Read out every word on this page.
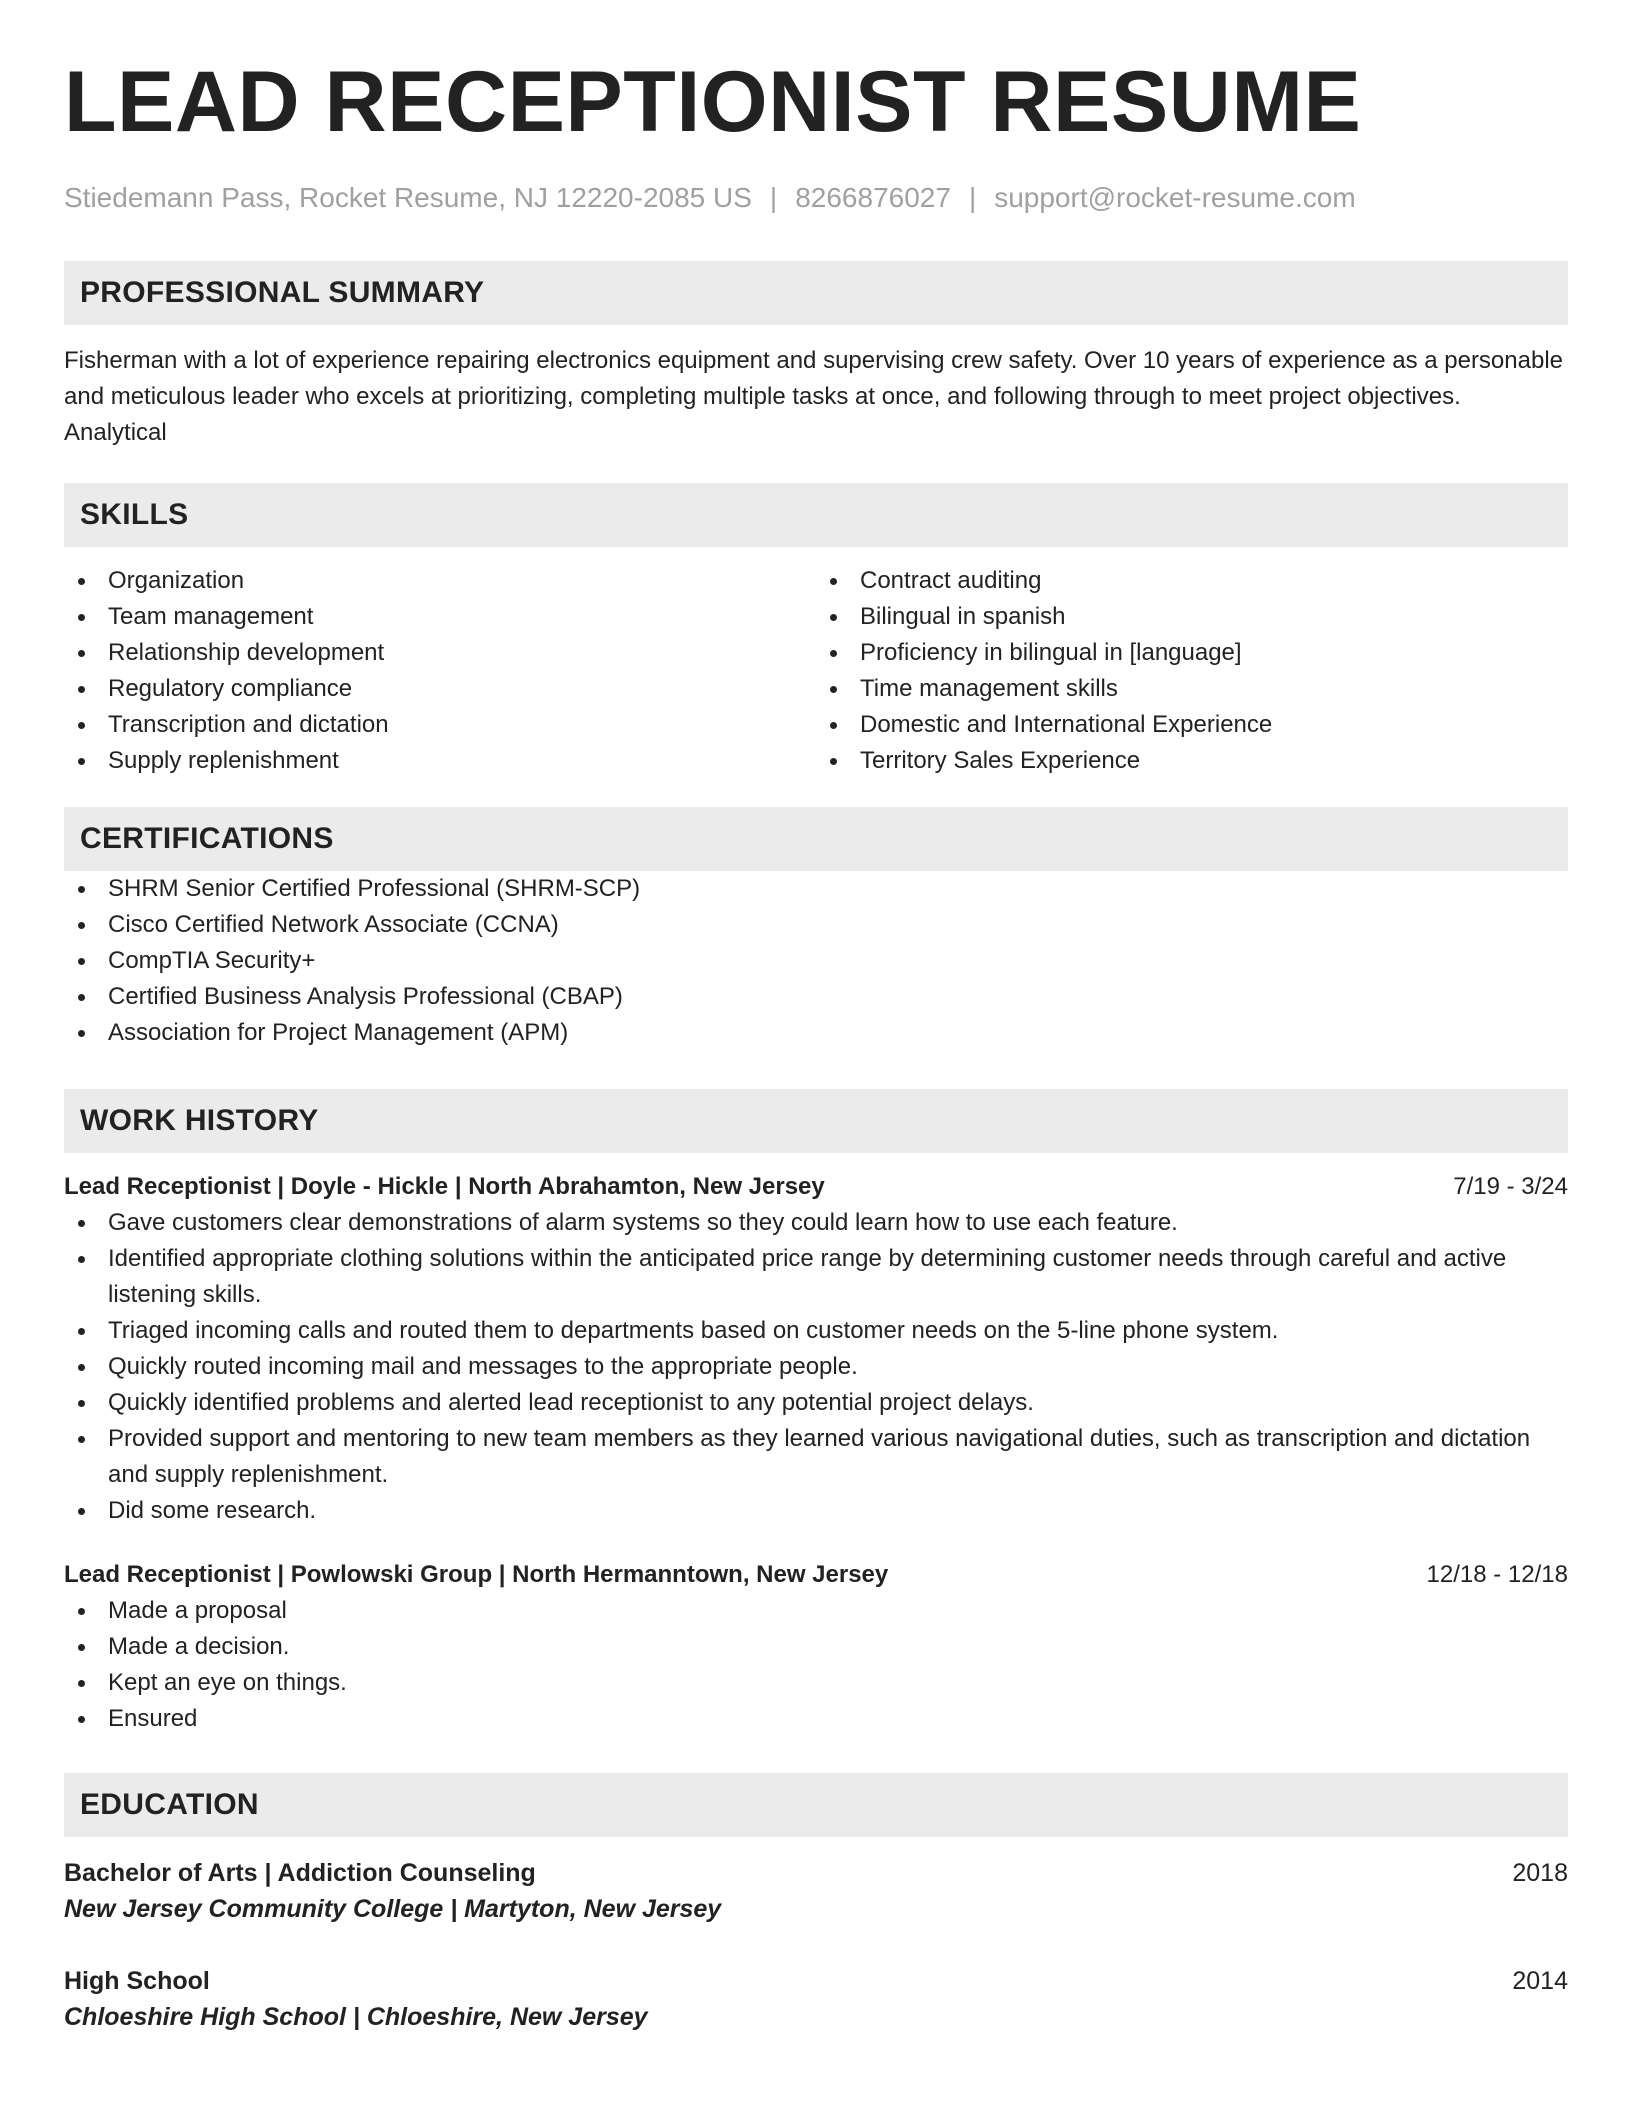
LEAD RECEPTIONIST RESUME
Stiedemann Pass, Rocket Resume, NJ 12220-2085 US | 8266876027 | support@rocket-resume.com
PROFESSIONAL SUMMARY

Fisherman with a lot of experience repairing electronics equipment and supervising crew safety. Over 10 years of experience as a personable and meticulous leader who excels at prioritizing, completing multiple tasks at once, and following through to meet project objectives. Analytical

SKILLS
Organization
Team management
Relationship development
Regulatory compliance
Transcription and dictation
Supply replenishment
Contract auditing
Bilingual in spanish
Proficiency in bilingual in [language]
Time management skills
Domestic and International Experience
Territory Sales Experience
CERTIFICATIONS
SHRM Senior Certified Professional (SHRM-SCP)
Cisco Certified Network Associate (CCNA)
CompTIA Security+
Certified Business Analysis Professional (CBAP)
Association for Project Management (APM)
WORK HISTORY
Lead Receptionist | Doyle - Hickle | North Abrahamton, New Jersey	7/19 - 3/24
Gave customers clear demonstrations of alarm systems so they could learn how to use each feature.
Identified appropriate clothing solutions within the anticipated price range by determining customer needs through careful and active listening skills.
Triaged incoming calls and routed them to departments based on customer needs on the 5-line phone system.
Quickly routed incoming mail and messages to the appropriate people.
Quickly identified problems and alerted lead receptionist to any potential project delays.
Provided support and mentoring to new team members as they learned various navigational duties, such as transcription and dictation and supply replenishment.
Did some research.
Lead Receptionist | Powlowski Group | North Hermanntown, New Jersey	12/18 - 12/18
Made a proposal
Made a decision.
Kept an eye on things.
Ensured
EDUCATION
Bachelor of Arts | Addiction Counseling	2018
New Jersey Community College | Martyton, New Jersey
High School	2014
Chloeshire High School | Chloeshire, New Jersey
